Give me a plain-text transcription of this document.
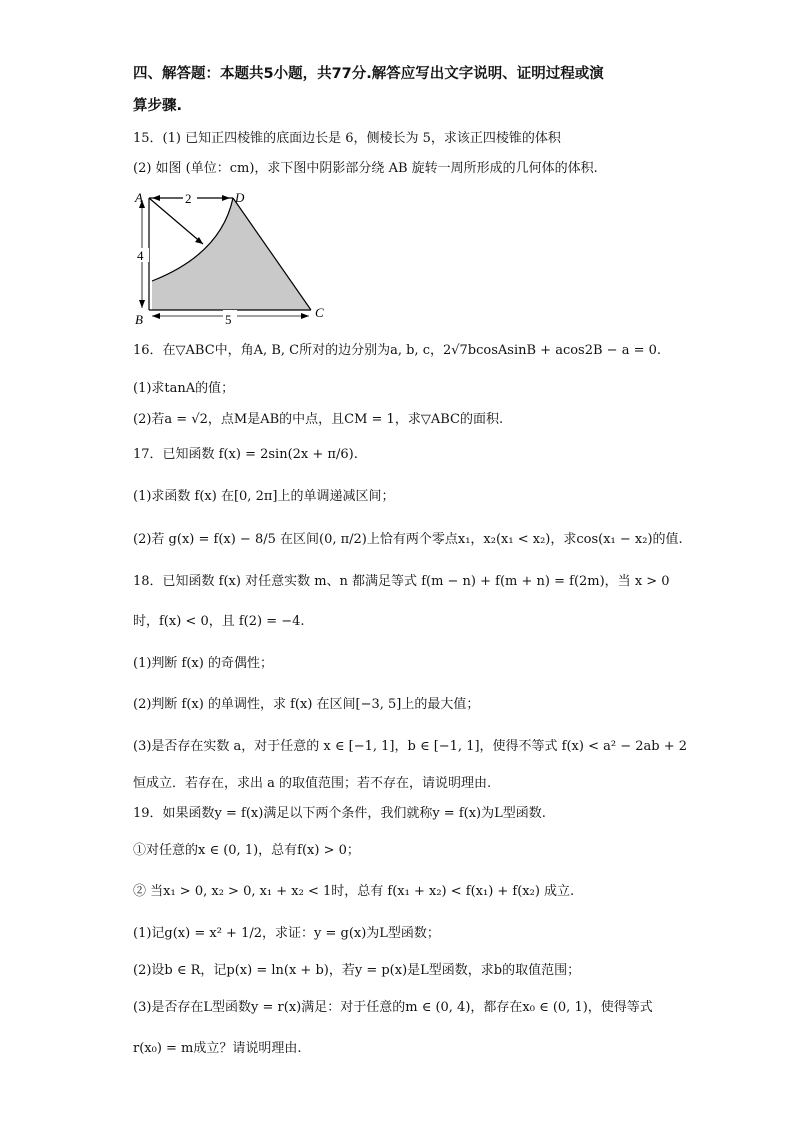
四、解答题：本题共5小题，共77分.解答应写出文字说明、证明过程或演
算步骤.
15．(1) 已知正四棱锥的底面边长是 6，侧棱长为 5，求该正四棱锥的体积
(2) 如图 (单位：cm)，求下图中阴影部分绕 AB 旋转一周所形成的几何体的体积.
2
4
5
A	D
B	C
16．在▽ABC中，角A, B, C所对的边分别为a, b, c，2√7bcosAsinB + acos2B − a = 0.
(1)求tanA的值；
(2)若a = √2，点M是AB的中点，且CM = 1，求▽ABC的面积.
17．已知函数 f(x) = 2sin(2x + π/6).
(1)求函数 f(x) 在[0, 2π]上的单调递减区间；
(2)若 g(x) = f(x) − 8/5 在区间(0, π/2)上恰有两个零点x₁，x₂(x₁ < x₂)，求cos(x₁ − x₂)的值.
18．已知函数 f(x) 对任意实数 m、n 都满足等式 f(m − n) + f(m + n) = f(2m)，当 x > 0
时，f(x) < 0，且 f(2) = −4.
(1)判断 f(x) 的奇偶性；
(2)判断 f(x) 的单调性，求 f(x) 在区间[−3, 5]上的最大值；
(3)是否存在实数 a，对于任意的 x ∈ [−1, 1]，b ∈ [−1, 1]，使得不等式 f(x) < a² − 2ab + 2
恒成立．若存在，求出 a 的取值范围；若不存在，请说明理由.
19．如果函数y = f(x)满足以下两个条件，我们就称y = f(x)为L型函数.
①对任意的x ∈ (0, 1)，总有f(x) > 0；
② 当x₁ > 0, x₂ > 0, x₁ + x₂ < 1时，总有 f(x₁ + x₂) < f(x₁) + f(x₂) 成立.
(1)记g(x) = x² + 1/2，求证：y = g(x)为L型函数；
(2)设b ∈ R，记p(x) = ln(x + b)，若y = p(x)是L型函数，求b的取值范围；
(3)是否存在L型函数y = r(x)满足：对于任意的m ∈ (0, 4)，都存在x₀ ∈ (0, 1)，使得等式
r(x₀) = m成立？请说明理由.
